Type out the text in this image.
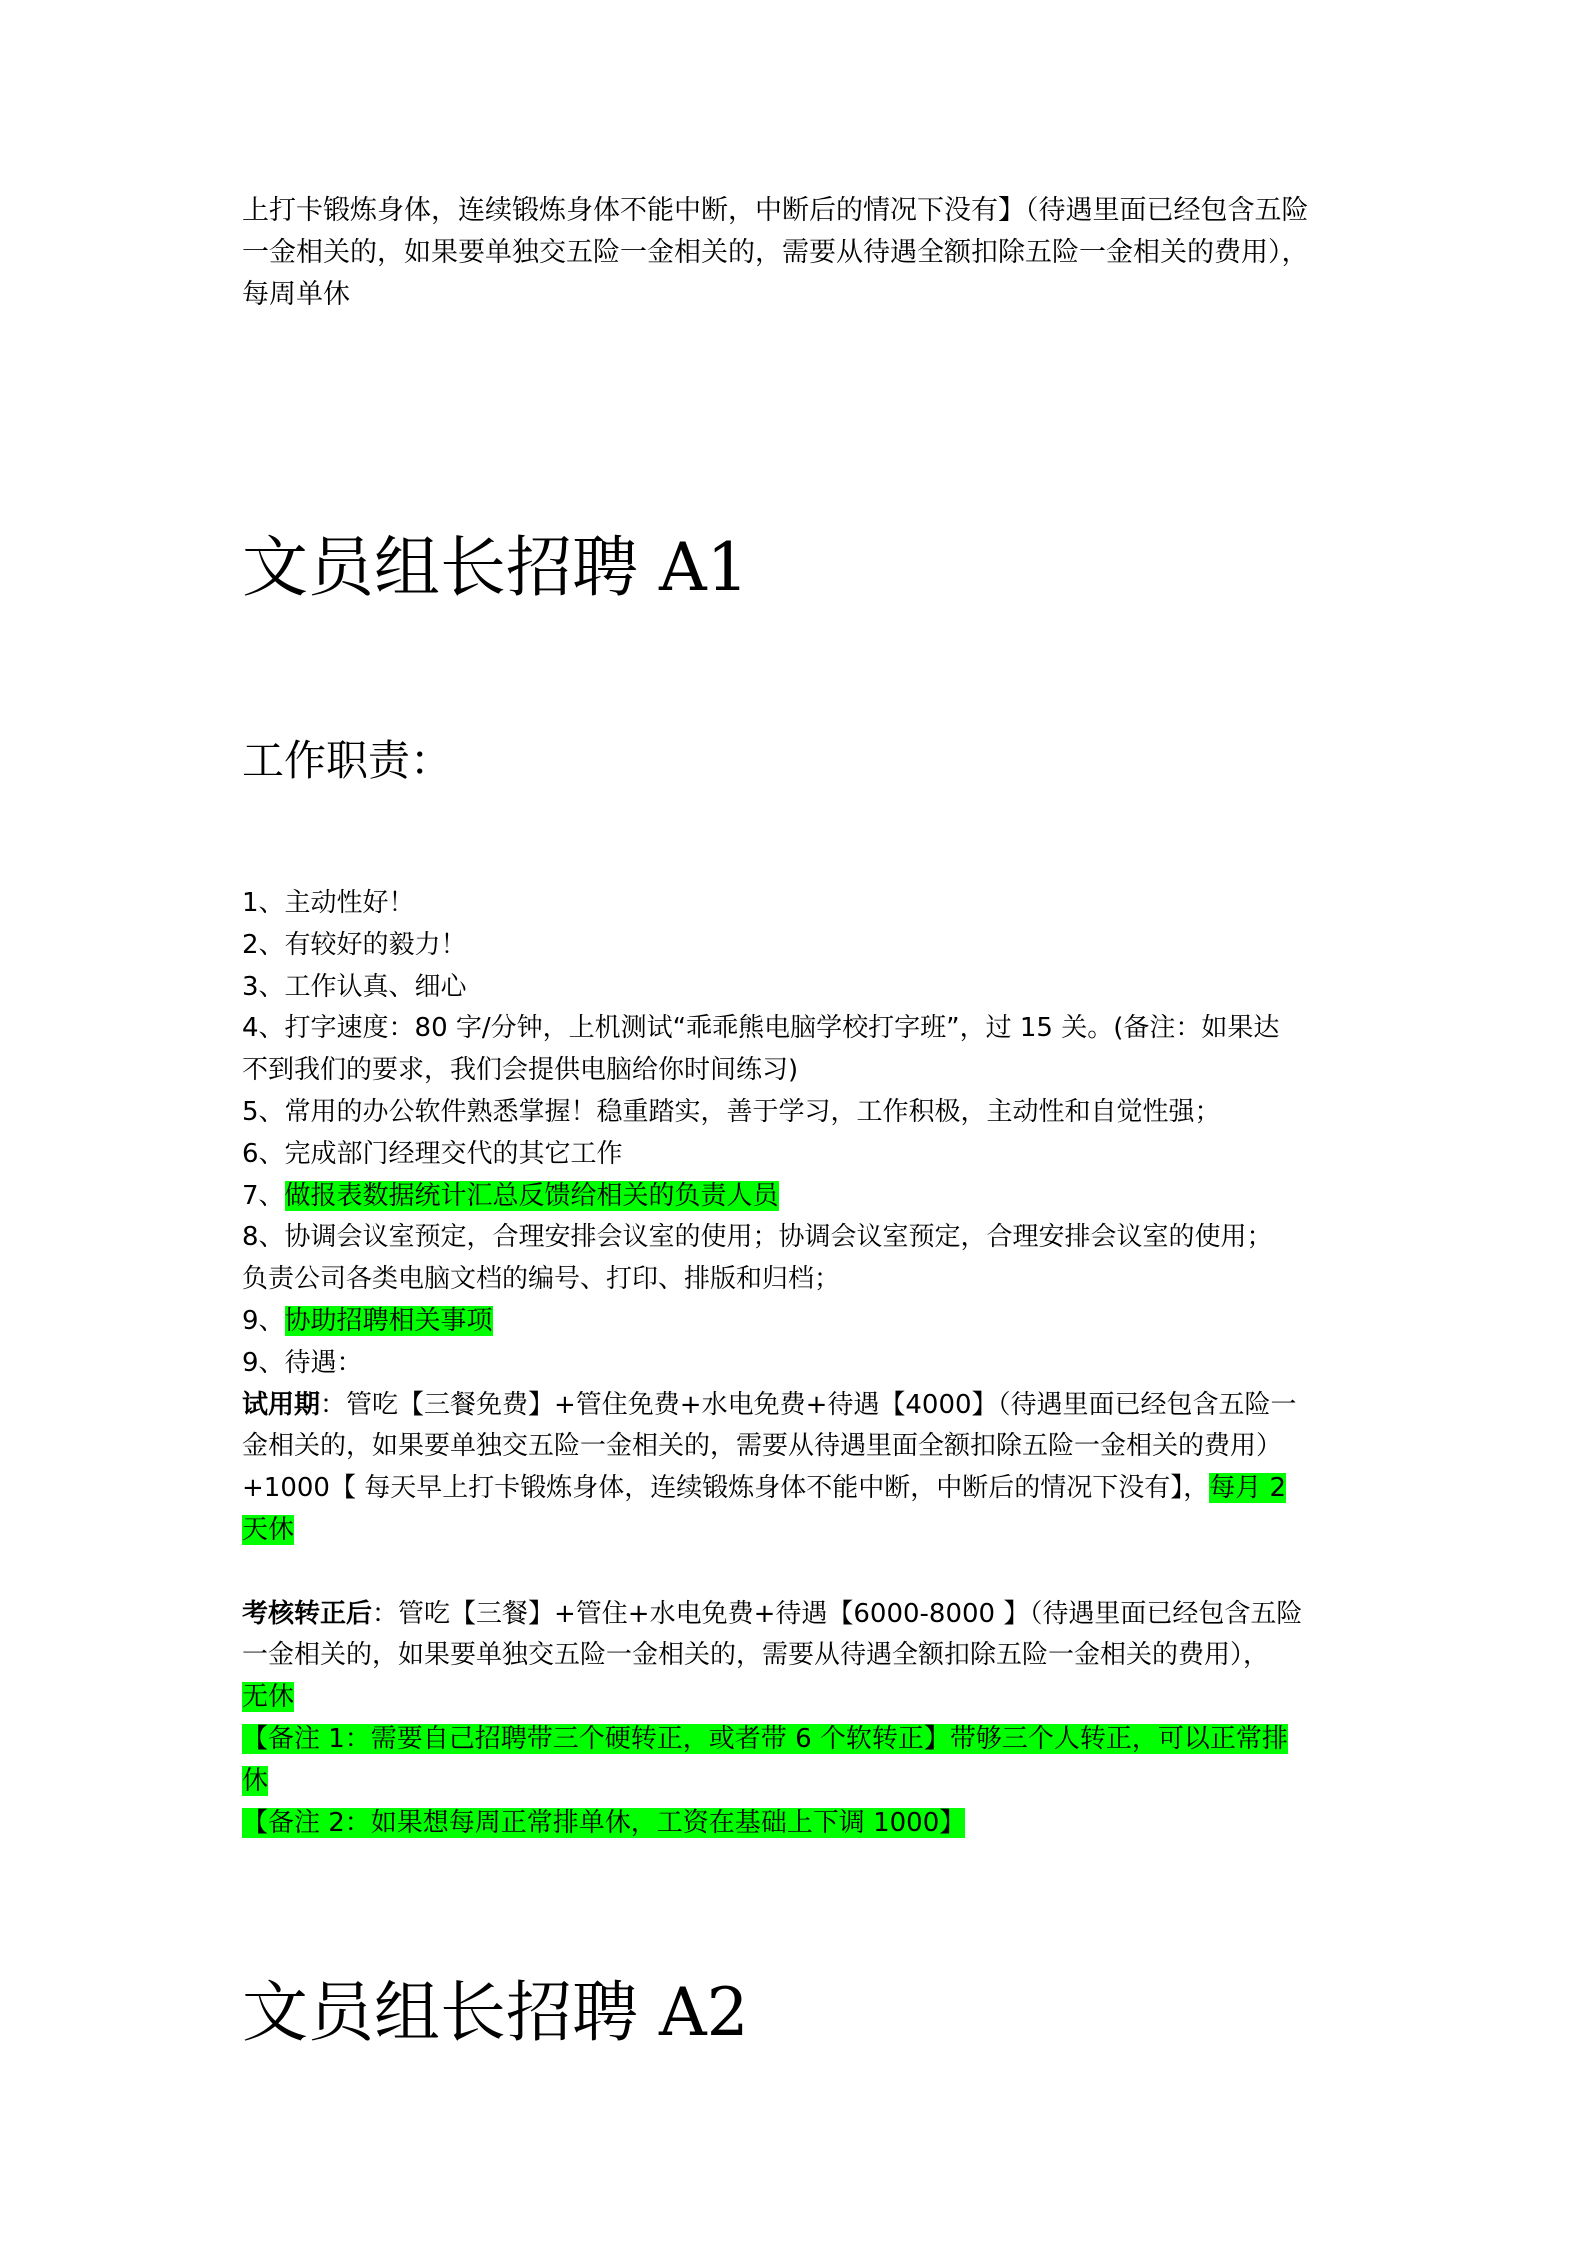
上打卡锻炼身体，连续锻炼身体不能中断，中断后的情况下没有】（待遇里面已经包含五险
一金相关的，如果要单独交五险一金相关的，需要从待遇全额扣除五险一金相关的费用），
每周单休
文员组长招聘 A1
工作职责：
1、主动性好！
2、有较好的毅力！
3、工作认真、细心
4、打字速度：80 字/分钟，上机测试“乖乖熊电脑学校打字班”，过 15 关。(备注：如果达
不到我们的要求，我们会提供电脑给你时间练习)
5、常用的办公软件熟悉掌握！稳重踏实，善于学习，工作积极，主动性和自觉性强；
6、完成部门经理交代的其它工作
7、做报表数据统计汇总反馈给相关的负责人员
8、协调会议室预定，合理安排会议室的使用；协调会议室预定，合理安排会议室的使用；
负责公司各类电脑文档的编号、打印、排版和归档；
9、协助招聘相关事项
9、待遇：
试用期：管吃【三餐免费】+管住免费+水电免费+待遇【4000】（待遇里面已经包含五险一
金相关的，如果要单独交五险一金相关的，需要从待遇里面全额扣除五险一金相关的费用）
+1000【 每天早上打卡锻炼身体，连续锻炼身体不能中断，中断后的情况下没有】，每月 2
天休
考核转正后：管吃【三餐】+管住+水电免费+待遇【6000-8000 】（待遇里面已经包含五险
一金相关的，如果要单独交五险一金相关的，需要从待遇全额扣除五险一金相关的费用），
无休
【备注 1：需要自己招聘带三个硬转正，或者带 6 个软转正】带够三个人转正，可以正常排
休
【备注 2：如果想每周正常排单休，工资在基础上下调 1000】
文员组长招聘 A2
